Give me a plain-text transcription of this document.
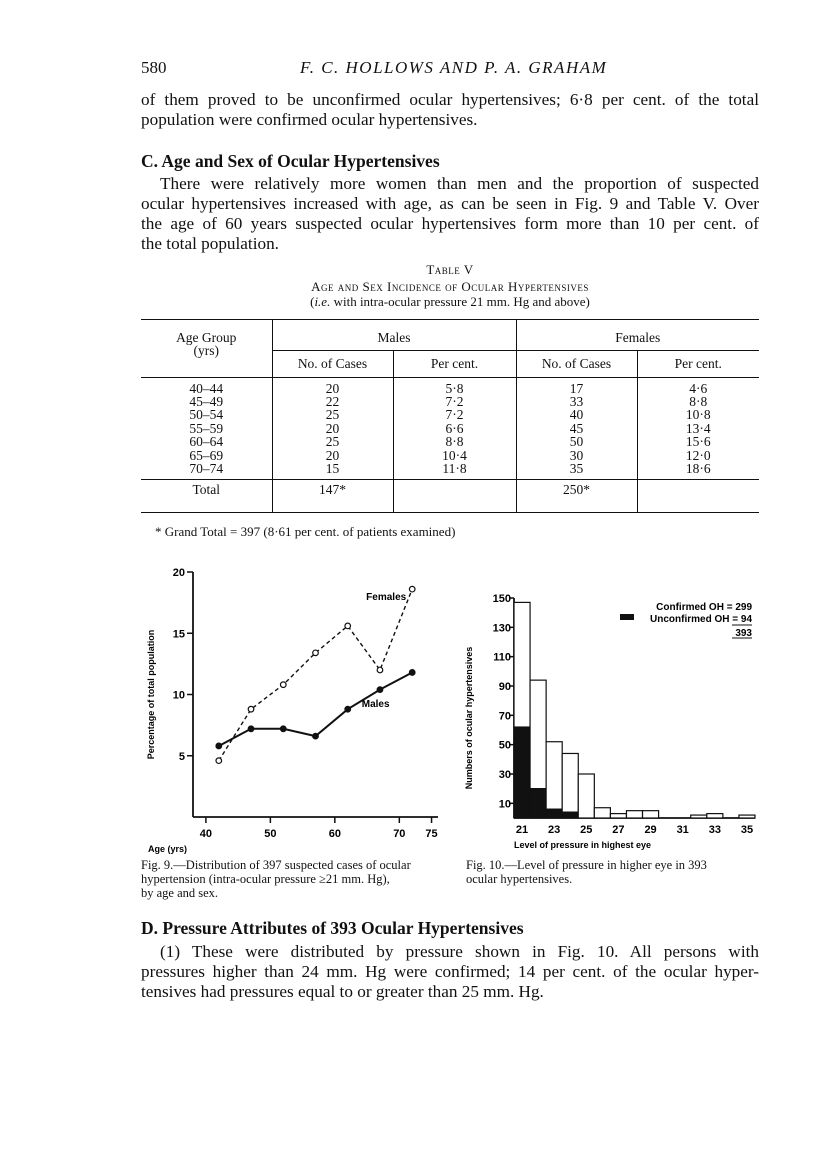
580	F. C. HOLLOWS AND P. A. GRAHAM
of them proved to be unconfirmed ocular hypertensives; 6·8 per cent. of the total
population were confirmed ocular hypertensives.
C. Age and Sex of Ocular Hypertensives
There were relatively more women than men and the proportion of suspected
ocular hypertensives increased with age, as can be seen in Fig. 9 and Table V. Over
the age of 60 years suspected ocular hypertensives form more than 10 per cent. of
the total population.
Table V
Age and Sex Incidence of Ocular Hypertensives
(i.e. with intra-ocular pressure 21 mm. Hg and above)
Age Group
(yrs)	Males		Females	
	No. of Cases	Per cent.	No. of Cases	Per cent.
40–44	20	5·8	17	4·6
45–49	22	7·2	33	8·8
50–54	25	7·2	40	10·8
55–59	20	6·6	45	13·4
60–64	25	8·8	50	15·6
65–69	20	10·4	30	12·0
70–74	15	11·8	35	18·6
Total	147*		250*	
* Grand Total = 397 (8·61 per cent. of patients examined)
5
10
15
20
40	50	60	70 75
Age (yrs)
Percentage of total population
Females
Males
Fig. 9.—Distribution of 397 suspected cases of ocular
hypertension (intra-ocular pressure ≥21 mm. Hg),
by age and sex.
10
30
50
70
90
110
130
150
21 23 25 27 29 31 33 35
Level of pressure in highest eye
Numbers of ocular hypertensives
Confirmed OH = 299
Unconfirmed OH = 94
393
Fig. 10.—Level of pressure in higher eye in 393
ocular hypertensives.
D. Pressure Attributes of 393 Ocular Hypertensives
(1) These were distributed by pressure shown in Fig. 10. All persons with
pressures higher than 24 mm. Hg were confirmed; 14 per cent. of the ocular hyper-
tensives had pressures equal to or greater than 25 mm. Hg.
